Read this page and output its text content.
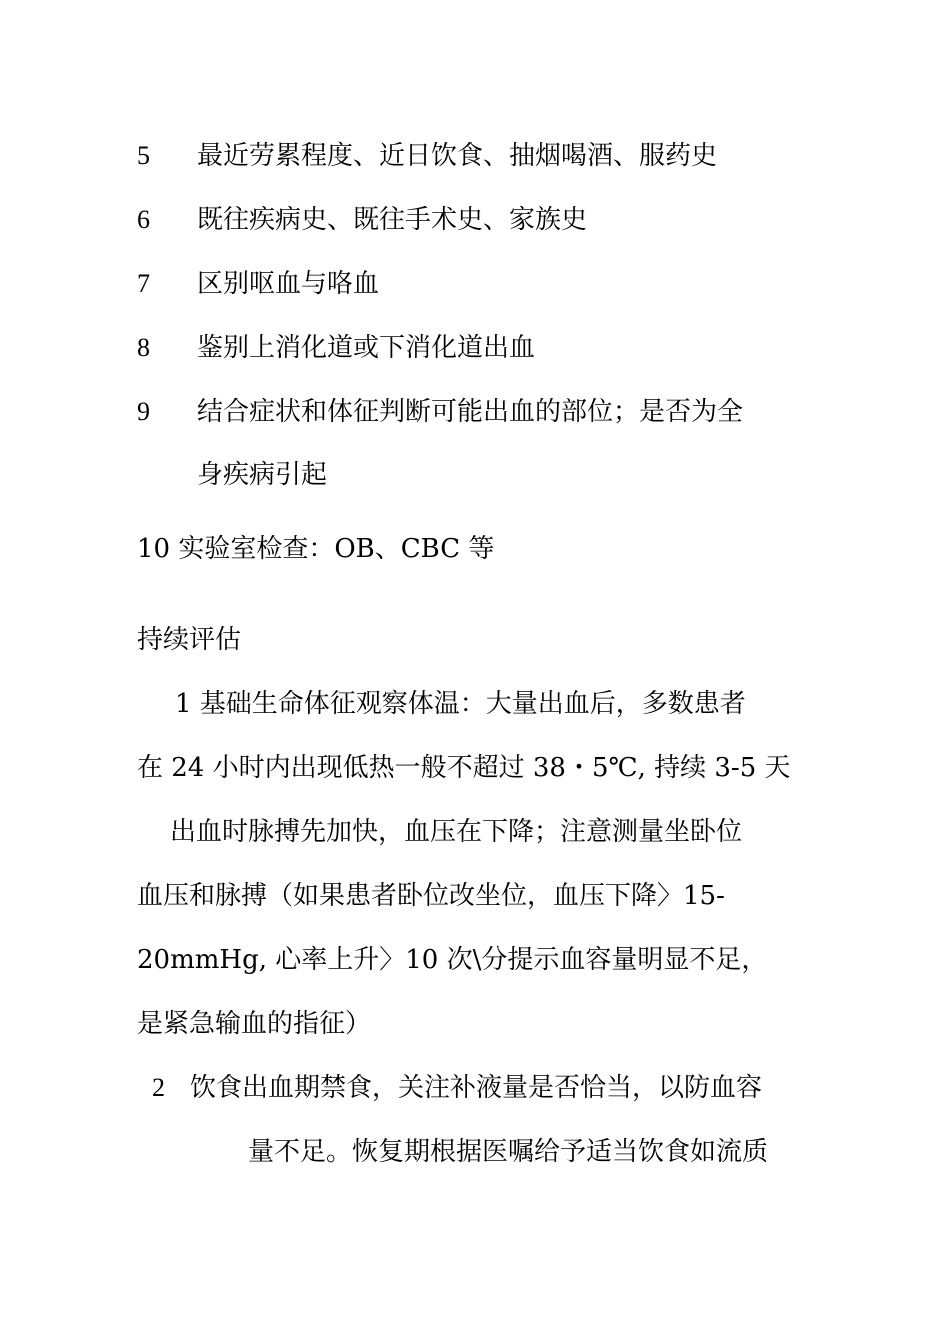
5 最近劳累程度、近日饮食、抽烟喝酒、服药史
6 既往疾病史、既往手术史、家族史
7 区别呕血与咯血
8 鉴别上消化道或下消化道出血
9 结合症状和体征判断可能出血的部位；是否为全
身疾病引起
10 实验室检查：OB、CBC 等
持续评估
1 基础生命体征观察体温：大量出血后，多数患者
在 24 小时内出现低热一般不超过 38・5℃, 持续 3-5 天
出血时脉搏先加快，血压在下降；注意测量坐卧位
血压和脉搏（如果患者卧位改坐位，血压下降〉15-
20mmHg, 心率上升〉10 次\分提示血容量明显不足，
是紧急输血的指征）
2 饮食出血期禁食，关注补液量是否恰当，以防血容
量不足。恢复期根据医嘱给予适当饮食如流质
